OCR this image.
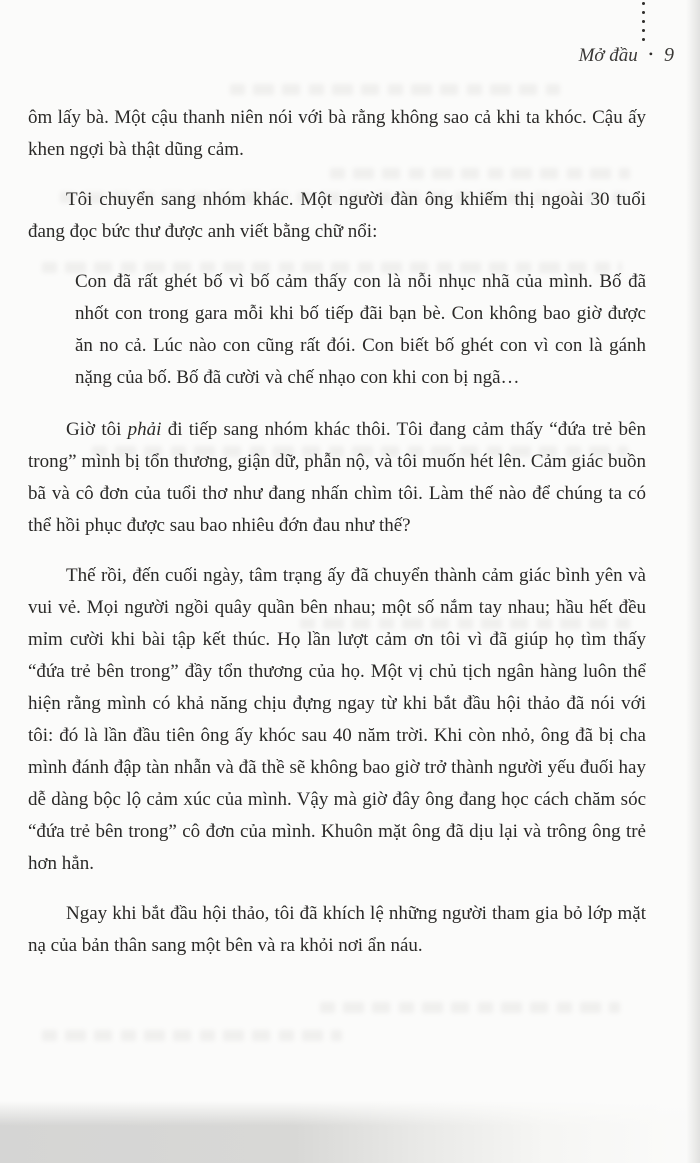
Mở đầu • 9

ôm lấy bà. Một cậu thanh niên nói với bà rằng không sao cả khi ta khóc. Cậu ấy khen ngợi bà thật dũng cảm.

Tôi chuyển sang nhóm khác. Một người đàn ông khiếm thị ngoài 30 tuổi đang đọc bức thư được anh viết bằng chữ nổi:

Con đã rất ghét bố vì bố cảm thấy con là nỗi nhục nhã của mình. Bố đã nhốt con trong gara mỗi khi bố tiếp đãi bạn bè. Con không bao giờ được ăn no cả. Lúc nào con cũng rất đói. Con biết bố ghét con vì con là gánh nặng của bố. Bố đã cười và chế nhạo con khi con bị ngã…

Giờ tôi phải đi tiếp sang nhóm khác thôi. Tôi đang cảm thấy “đứa trẻ bên trong” mình bị tổn thương, giận dữ, phẫn nộ, và tôi muốn hét lên. Cảm giác buồn bã và cô đơn của tuổi thơ như đang nhấn chìm tôi. Làm thế nào để chúng ta có thể hồi phục được sau bao nhiêu đớn đau như thế?

Thế rồi, đến cuối ngày, tâm trạng ấy đã chuyển thành cảm giác bình yên và vui vẻ. Mọi người ngồi quây quần bên nhau; một số nắm tay nhau; hầu hết đều mỉm cười khi bài tập kết thúc. Họ lần lượt cảm ơn tôi vì đã giúp họ tìm thấy “đứa trẻ bên trong” đầy tổn thương của họ. Một vị chủ tịch ngân hàng luôn thể hiện rằng mình có khả năng chịu đựng ngay từ khi bắt đầu hội thảo đã nói với tôi: đó là lần đầu tiên ông ấy khóc sau 40 năm trời. Khi còn nhỏ, ông đã bị cha mình đánh đập tàn nhẫn và đã thề sẽ không bao giờ trở thành người yếu đuối hay dễ dàng bộc lộ cảm xúc của mình. Vậy mà giờ đây ông đang học cách chăm sóc “đứa trẻ bên trong” cô đơn của mình. Khuôn mặt ông đã dịu lại và trông ông trẻ hơn hẳn.

Ngay khi bắt đầu hội thảo, tôi đã khích lệ những người tham gia bỏ lớp mặt nạ của bản thân sang một bên và ra khỏi nơi ẩn náu.
